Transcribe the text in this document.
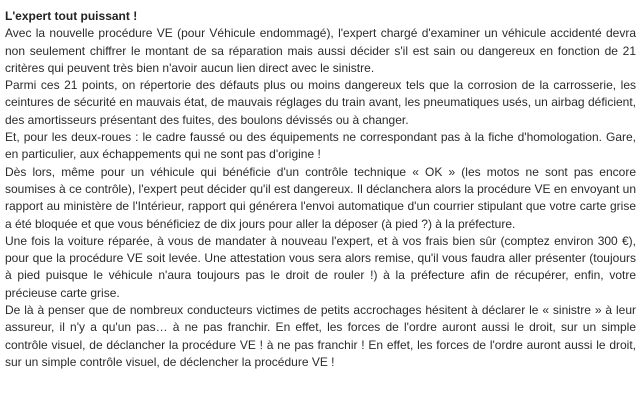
L'expert tout puissant !

Avec la nouvelle procédure VE (pour Véhicule endommagé), l'expert chargé d'examiner un véhicule accidenté devra non seulement chiffrer le montant de sa réparation mais aussi décider s'il est sain ou dangereux en fonction de 21 critères qui peuvent très bien n'avoir aucun lien direct avec le sinistre.

Parmi ces 21 points, on répertorie des défauts plus ou moins dangereux tels que la corrosion de la carrosserie, les ceintures de sécurité en mauvais état, de mauvais réglages du train avant, les pneumatiques usés, un airbag déficient, des amortisseurs présentant des fuites, des boulons dévissés ou à changer.

Et, pour les deux-roues : le cadre faussé ou des équipements ne correspondant pas à la fiche d'homologation. Gare, en particulier, aux échappements qui ne sont pas d'origine !

Dès lors, même pour un véhicule qui bénéficie d'un contrôle technique « OK » (les motos ne sont pas encore soumises à ce contrôle), l'expert peut décider qu'il est dangereux. Il déclanchera alors la procédure VE en envoyant un rapport au ministère de l'Intérieur, rapport qui générera l'envoi automatique d'un courrier stipulant que votre carte grise a été bloquée et que vous bénéficiez de dix jours pour aller la déposer (à pied ?) à la préfecture.

Une fois la voiture réparée, à vous de mandater à nouveau l'expert, et à vos frais bien sûr (comptez environ 300 €), pour que la procédure VE soit levée. Une attestation vous sera alors remise, qu'il vous faudra aller présenter (toujours à pied puisque le véhicule n'aura toujours pas le droit de rouler !) à la préfecture afin de récupérer, enfin, votre précieuse carte grise.

De là à penser que de nombreux conducteurs victimes de petits accrochages hésitent à déclarer le « sinistre » à leur assureur, il n'y a qu'un pas… à ne pas franchir. En effet, les forces de l'ordre auront aussi le droit, sur un simple contrôle visuel, de déclancher la procédure VE ! à ne pas franchir ! En effet, les forces de l'ordre auront aussi le droit, sur un simple contrôle visuel, de déclencher la procédure VE !
